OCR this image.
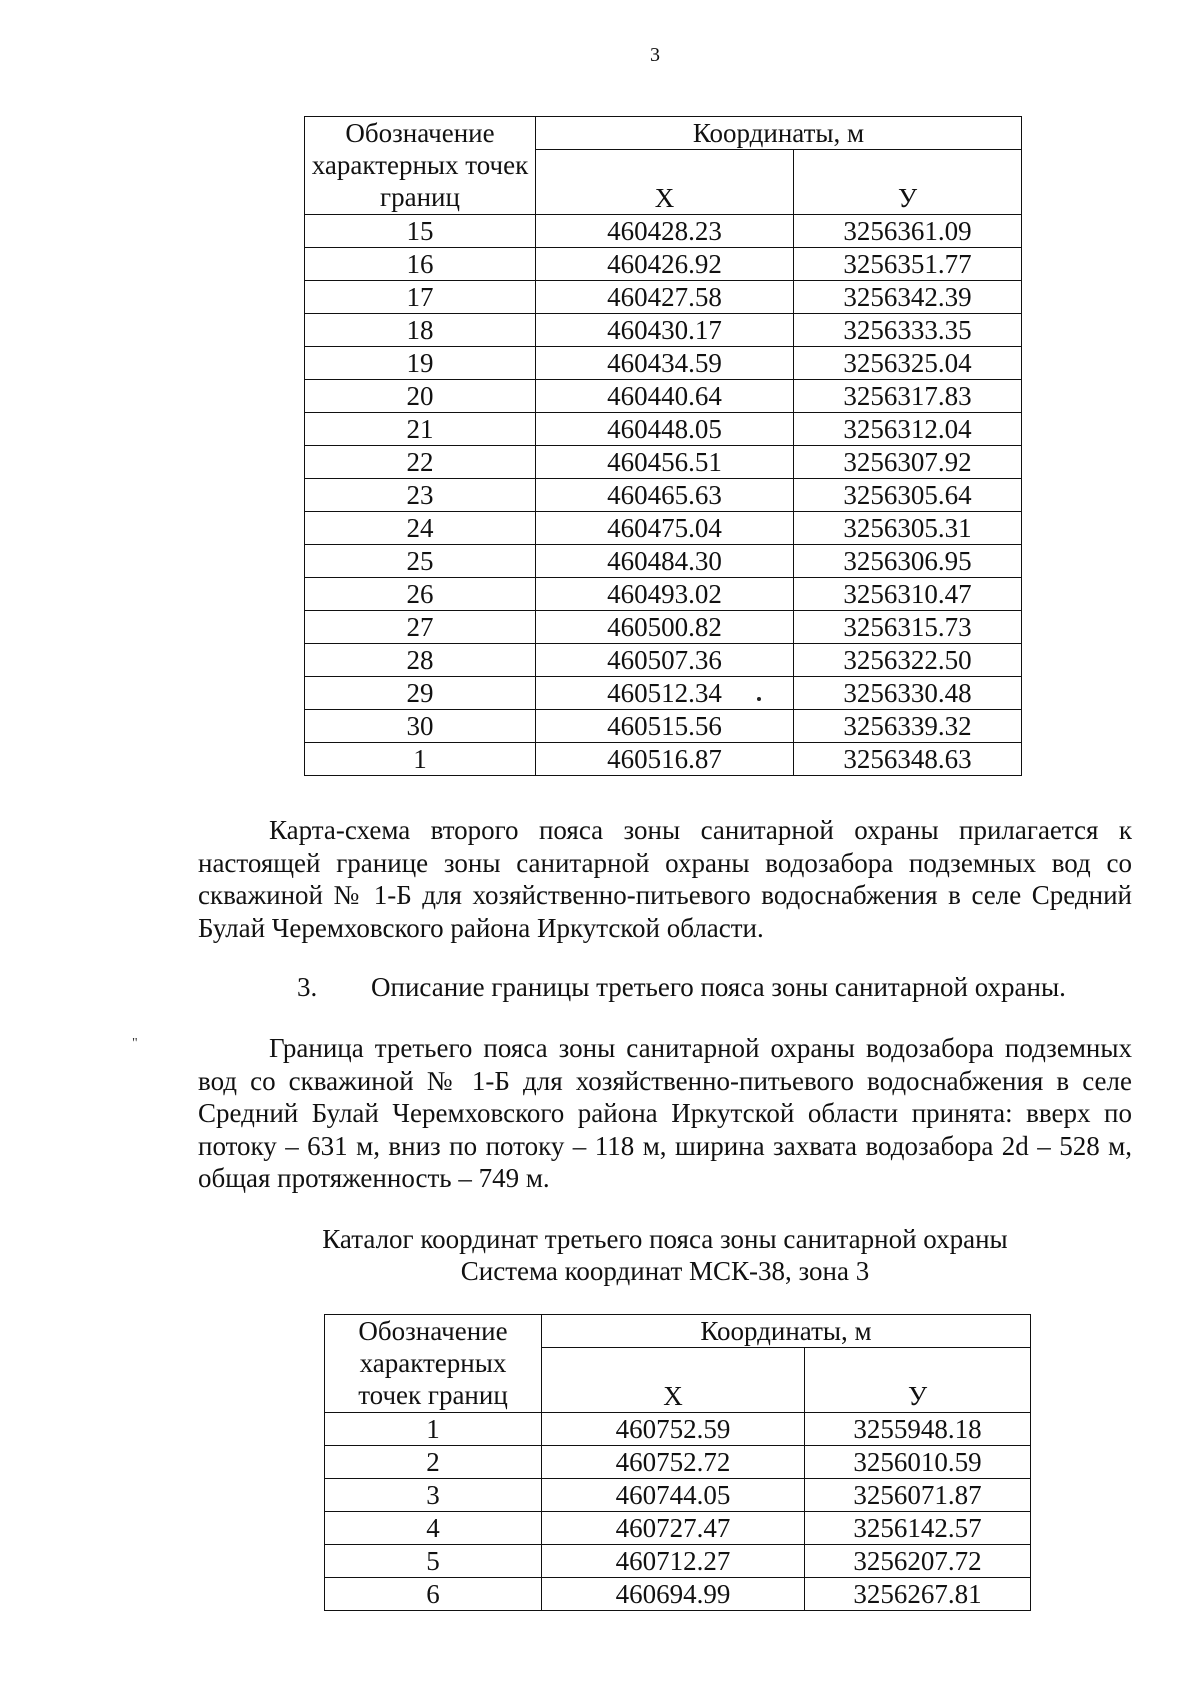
3
Обозначение характерных точек границ	Координаты, м	
	Х	У
15	460428.23	3256361.09
16	460426.92	3256351.77
17	460427.58	3256342.39
18	460430.17	3256333.35
19	460434.59	3256325.04
20	460440.64	3256317.83
21	460448.05	3256312.04
22	460456.51	3256307.92
23	460465.63	3256305.64
24	460475.04	3256305.31
25	460484.30	3256306.95
26	460493.02	3256310.47
27	460500.82	3256315.73
28	460507.36	3256322.50
29	460512.34	3256330.48
30	460515.56	3256339.32
1	460516.87	3256348.63

Карта-схема второго пояса зоны санитарной охраны прилагается к настоящей границе зоны санитарной охраны водозабора подземных вод со скважиной № 1-Б для хозяйственно-питьевого водоснабжения в селе Средний Булай Черемховского района Иркутской области.

3. Описание границы третьего пояса зоны санитарной охраны.
"	Граница третьего пояса зоны санитарной охраны водозабора подземных вод со скважиной № 1-Б для хозяйственно-питьевого водоснабжения в селе Средний Булай Черемховского района Иркутской области принята: вверх по потоку – 631 м, вниз по потоку – 118 м, ширина захвата водозабора 2d – 528 м, общая протяженность – 749 м.

Каталог координат третьего пояса зоны санитарной охраны
Система координат МСК-38, зона 3
Обозначение характерных точек границ	Координаты, м	
	Х	У
1	460752.59	3255948.18
2	460752.72	3256010.59
3	460744.05	3256071.87
4	460727.47	3256142.57
5	460712.27	3256207.72
6	460694.99	3256267.81
